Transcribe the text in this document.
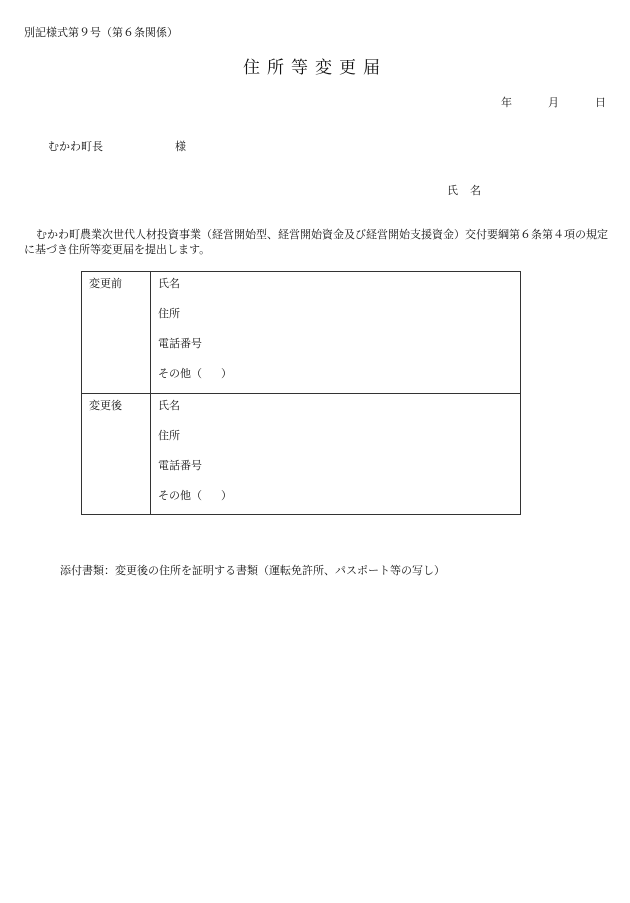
別記様式第９号（第６条関係）
住所等変更届
年	月	日
むかわ町長	様
氏名
むかわ町農業次世代人材投資事業（経営開始型、経営開始資金及び経営開始支援資金）交付要綱第６条第４項の規定に基づき住所等変更届を提出します。
変更前	氏名
住所
電話番号
その他（ ）
変更後	氏名
住所
電話番号
その他（ ）
添付書類：変更後の住所を証明する書類（運転免許所、パスポート等の写し）
